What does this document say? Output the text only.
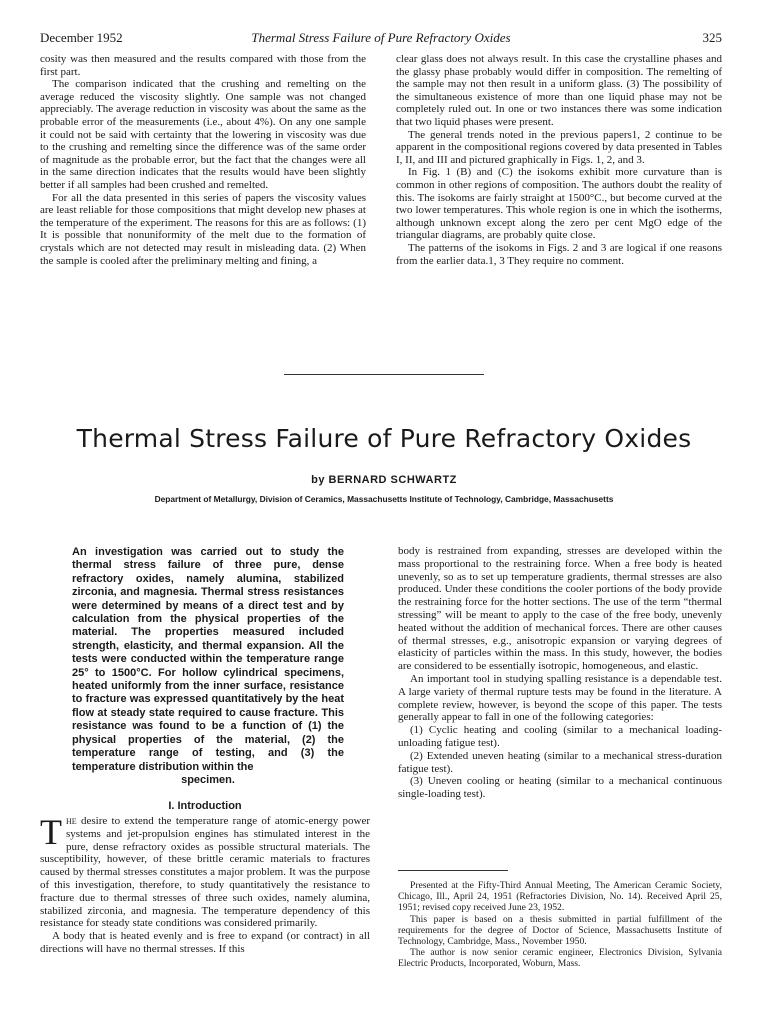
December 1952	Thermal Stress Failure of Pure Refractory Oxides	325

cosity was then measured and the results compared with those from the first part.

The comparison indicated that the crushing and remelting on the average reduced the viscosity slightly. One sample was not changed appreciably. The average reduction in viscosity was about the same as the probable error of the measurements (i.e., about 4%). On any one sample it could not be said with certainty that the lowering in viscosity was due to the crushing and remelting since the difference was of the same order of magnitude as the probable error, but the fact that the changes were all in the same direction indicates that the results would have been slightly better if all samples had been crushed and remelted.

For all the data presented in this series of papers the viscosity values are least reliable for those compositions that might develop new phases at the temperature of the experiment. The reasons for this are as follows: (1) It is possible that nonuniformity of the melt due to the formation of crystals which are not detected may result in misleading data. (2) When the sample is cooled after the preliminary melting and fining, a

clear glass does not always result. In this case the crystalline phases and the glassy phase probably would differ in composition. The remelting of the sample may not then result in a uniform glass. (3) The possibility of the simultaneous existence of more than one liquid phase may not be completely ruled out. In one or two instances there was some indication that two liquid phases were present.

The general trends noted in the previous papers1, 2 continue to be apparent in the compositional regions covered by data presented in Tables I, II, and III and pictured graphically in Figs. 1, 2, and 3.

In Fig. 1 (B) and (C) the isokoms exhibit more curvature than is common in other regions of composition. The authors doubt the reality of this. The isokoms are fairly straight at 1500°C., but become curved at the two lower temperatures. This whole region is one in which the isotherms, although unknown except along the zero per cent MgO edge of the triangular diagrams, are probably quite close.

The patterns of the isokoms in Figs. 2 and 3 are logical if one reasons from the earlier data.1, 3 They require no comment.

Thermal Stress Failure of Pure Refractory Oxides
by BERNARD SCHWARTZ
Department of Metallurgy, Division of Ceramics, Massachusetts Institute of Technology, Cambridge, Massachusetts
An investigation was carried out to study the thermal stress failure of three pure, dense refractory oxides, namely alumina, stabilized zirconia, and magnesia. Thermal stress resistances were determined by means of a direct test and by calculation from the physical properties of the material. The properties measured included strength, elasticity, and thermal expansion. All the tests were conducted within the temperature range 25° to 1500°C. For hollow cylindrical specimens, heated uniformly from the inner surface, resistance to fracture was expressed quantitatively by the heat flow at steady state required to cause fracture. This resistance was found to be a function of (1) the physical properties of the material, (2) the temperature range of testing, and (3) the temperature distribution within the
specimen.
I. Introduction

The desire to extend the temperature range of atomic-energy power systems and jet-propulsion engines has stimulated interest in the pure, dense refractory oxides as possible structural materials. The susceptibility, however, of these brittle ceramic materials to fractures caused by thermal stresses constitutes a major problem. It was the purpose of this investigation, therefore, to study quantitatively the resistance to fracture due to thermal stresses of three such oxides, namely alumina, stabilized zirconia, and magnesia. The temperature dependency of this resistance for steady state conditions was considered primarily.

A body that is heated evenly and is free to expand (or contract) in all directions will have no thermal stresses. If this

body is restrained from expanding, stresses are developed within the mass proportional to the restraining force. When a free body is heated unevenly, so as to set up temperature gradients, thermal stresses are also produced. Under these conditions the cooler portions of the body provide the restraining force for the hotter sections. The use of the term “thermal stressing” will be meant to apply to the case of the free body, unevenly heated without the addition of mechanical forces. There are other causes of thermal stresses, e.g., anisotropic expansion or varying degrees of elasticity of particles within the mass. In this study, however, the bodies are considered to be essentially isotropic, homogeneous, and elastic.

An important tool in studying spalling resistance is a dependable test. A large variety of thermal rupture tests may be found in the literature. A complete review, however, is beyond the scope of this paper. The tests generally appear to fall in one of the following categories:

(1) Cyclic heating and cooling (similar to a mechanical loading-unloading fatigue test).

(2) Extended uneven heating (similar to a mechanical stress-duration fatigue test).

(3) Uneven cooling or heating (similar to a mechanical continuous single-loading test).

Presented at the Fifty-Third Annual Meeting, The American Ceramic Society, Chicago, Ill., April 24, 1951 (Refractories Division, No. 14). Received April 25, 1951; revised copy received June 23, 1952.

This paper is based on a thesis submitted in partial fulfillment of the requirements for the degree of Doctor of Science, Massachusetts Institute of Technology, Cambridge, Mass., November 1950.

The author is now senior ceramic engineer, Electronics Division, Sylvania Electric Products, Incorporated, Woburn, Mass.
